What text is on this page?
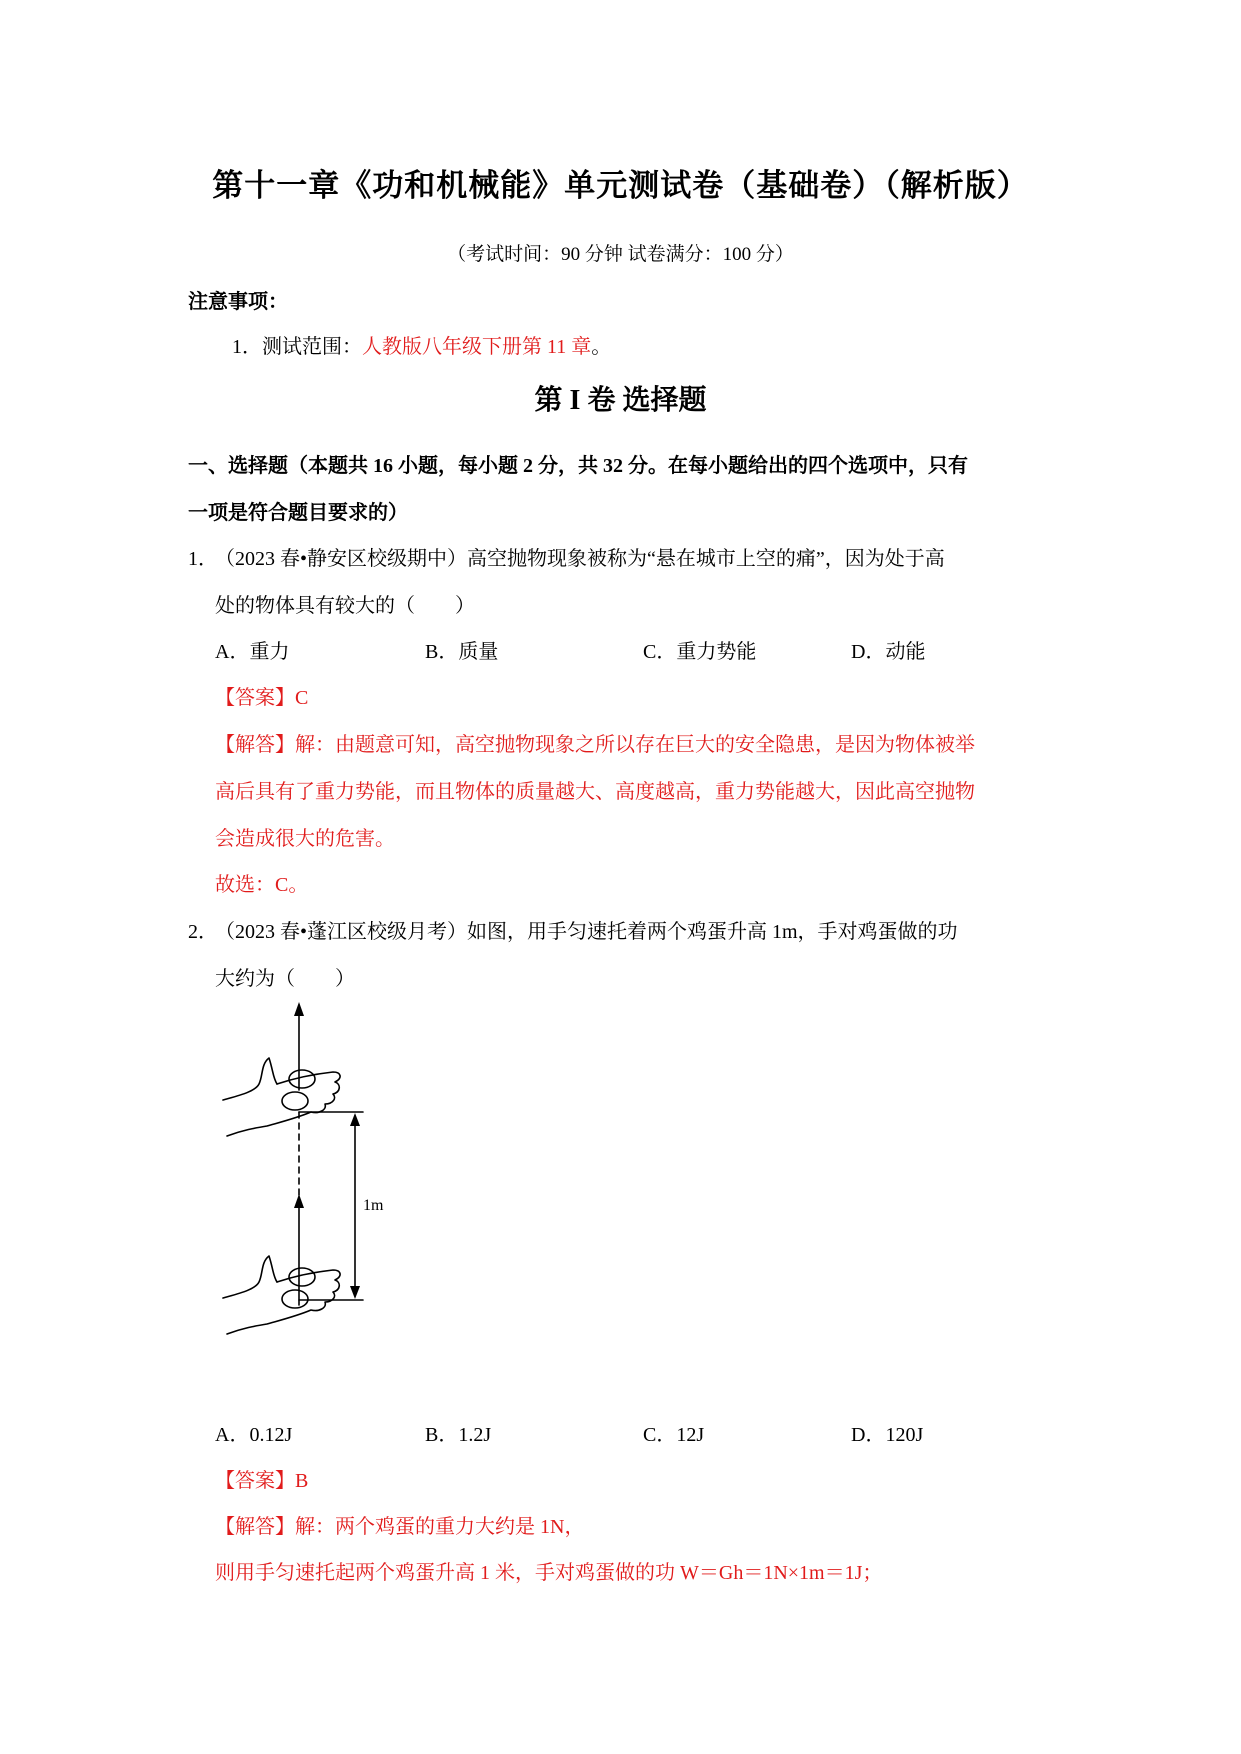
第十一章《功和机械能》单元测试卷（基础卷）（解析版）
（考试时间：90 分钟 试卷满分：100 分）
注意事项：
1．测试范围：人教版八年级下册第 11 章。
第 I 卷 选择题
一、选择题（本题共 16 小题，每小题 2 分，共 32 分。在每小题给出的四个选项中，只有
一项是符合题目要求的）
1．
（2023 春•静安区校级期中）高空抛物现象被称为“悬在城市上空的痛”，因为处于高
处的物体具有较大的（　　）
A．重力	B．质量	C．重力势能	D．动能
【答案】C
【解答】解：由题意可知，高空抛物现象之所以存在巨大的安全隐患，是因为物体被举
高后具有了重力势能，而且物体的质量越大、高度越高，重力势能越大，因此高空抛物
会造成很大的危害。
故选：C。
2．
（2023 春•蓬江区校级月考）如图，用手匀速托着两个鸡蛋升高 1m，手对鸡蛋做的功
大约为（　　）
1m
A．0.12J	B．1.2J	C．12J	D．120J
【答案】B
【解答】解：两个鸡蛋的重力大约是 1N，
则用手匀速托起两个鸡蛋升高 1 米，手对鸡蛋做的功 W＝Gh＝1N×1m＝1J；
